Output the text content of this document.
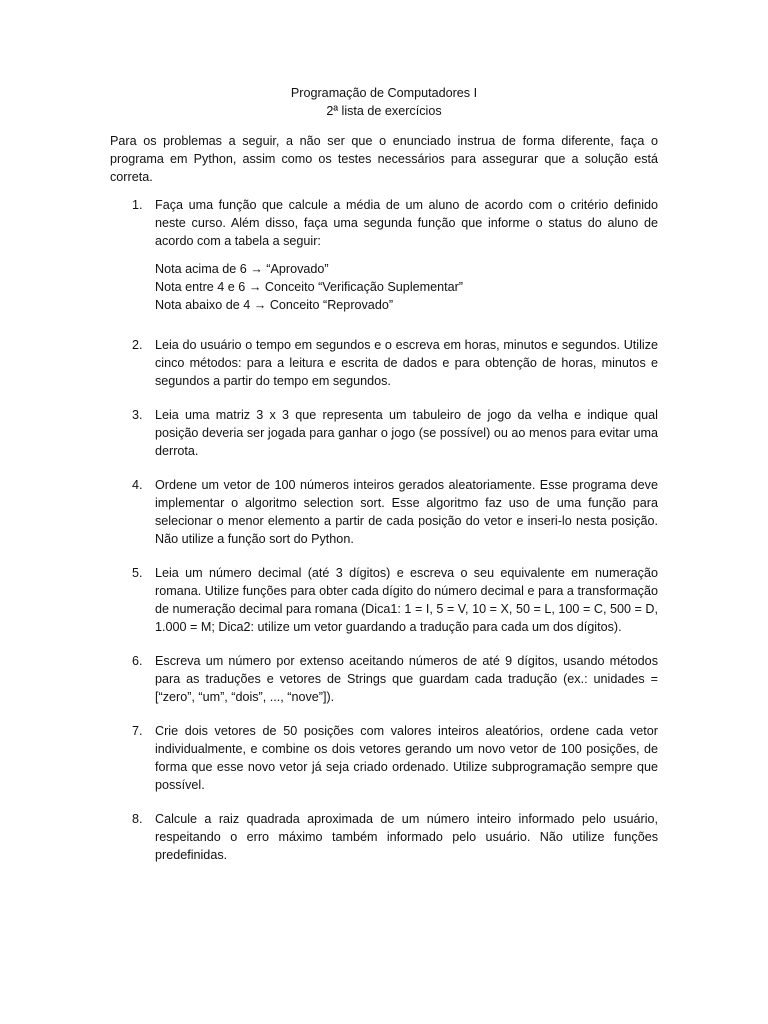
Programação de Computadores I

2ª lista de exercícios

Para os problemas a seguir, a não ser que o enunciado instrua de forma diferente, faça o programa em Python, assim como os testes necessários para assegurar que a solução está correta.

1. Faça uma função que calcule a média de um aluno de acordo com o critério definido neste curso. Além disso, faça uma segunda função que informe o status do aluno de acordo com a tabela a seguir:

Nota acima de 6 → “Aprovado”
Nota entre 4 e 6 → Conceito “Verificação Suplementar”
Nota abaixo de 4 → Conceito “Reprovado”
2. Leia do usuário o tempo em segundos e o escreva em horas, minutos e segundos. Utilize cinco métodos: para a leitura e escrita de dados e para obtenção de horas, minutos e segundos a partir do tempo em segundos.

3. Leia uma matriz 3 x 3 que representa um tabuleiro de jogo da velha e indique qual posição deveria ser jogada para ganhar o jogo (se possível) ou ao menos para evitar uma derrota.

4. Ordene um vetor de 100 números inteiros gerados aleatoriamente. Esse programa deve implementar o algoritmo selection sort. Esse algoritmo faz uso de uma função para selecionar o menor elemento a partir de cada posição do vetor e inseri-lo nesta posição. Não utilize a função sort do Python.

5. Leia um número decimal (até 3 dígitos) e escreva o seu equivalente em numeração romana. Utilize funções para obter cada dígito do número decimal e para a transformação de numeração decimal para romana (Dica1: 1 = I, 5 = V, 10 = X, 50 = L, 100 = C, 500 = D, 1.000 = M; Dica2: utilize um vetor guardando a tradução para cada um dos dígitos).

6. Escreva um número por extenso aceitando números de até 9 dígitos, usando métodos para as traduções e vetores de Strings que guardam cada tradução (ex.: unidades = [“zero”, “um”, “dois”, ..., “nove”]).

7. Crie dois vetores de 50 posições com valores inteiros aleatórios, ordene cada vetor individualmente, e combine os dois vetores gerando um novo vetor de 100 posições, de forma que esse novo vetor já seja criado ordenado. Utilize subprogramação sempre que possível.

8. Calcule a raiz quadrada aproximada de um número inteiro informado pelo usuário, respeitando o erro máximo também informado pelo usuário. Não utilize funções predefinidas.
